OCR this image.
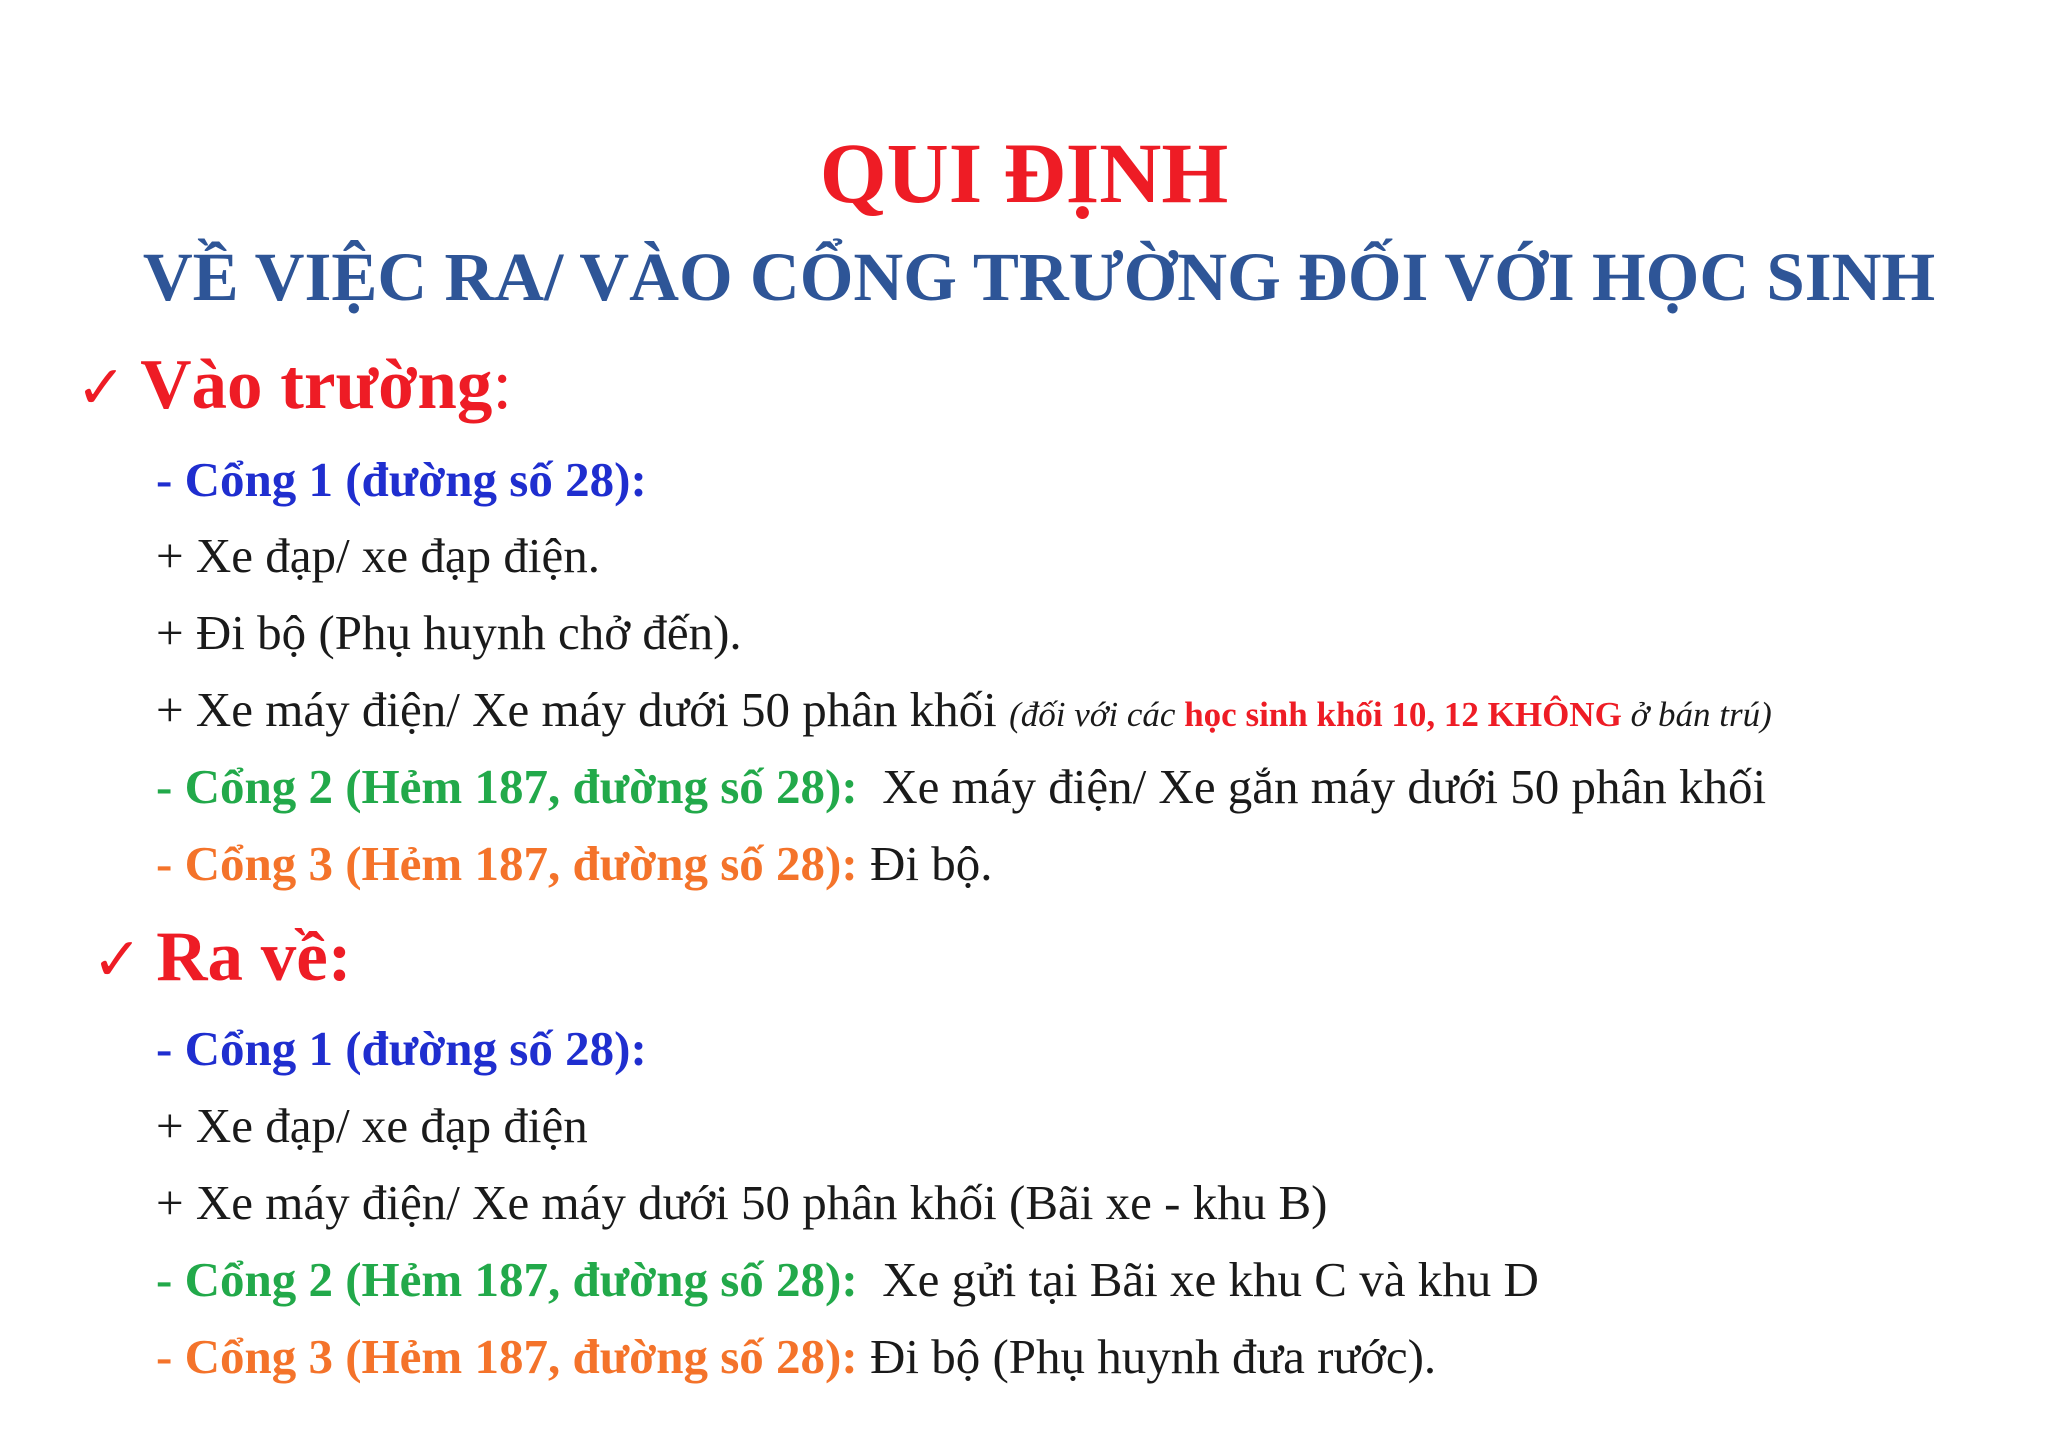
QUI ĐỊNH
VỀ VIỆC RA/ VÀO CỔNG TRƯỜNG ĐỐI VỚI HỌC SINH
✓ Vào trường:
- Cổng 1 (đường số 28):
+ Xe đạp/ xe đạp điện.
+ Đi bộ (Phụ huynh chở đến).
+ Xe máy điện/ Xe máy dưới 50 phân khối (đối với các học sinh khối 10, 12 KHÔNG ở bán trú)
- Cổng 2 (Hẻm 187, đường số 28): Xe máy điện/ Xe gắn máy dưới 50 phân khối
- Cổng 3 (Hẻm 187, đường số 28): Đi bộ.
✓ Ra về:
- Cổng 1 (đường số 28):
+ Xe đạp/ xe đạp điện
+ Xe máy điện/ Xe máy dưới 50 phân khối (Bãi xe - khu B)
- Cổng 2 (Hẻm 187, đường số 28): Xe gửi tại Bãi xe khu C và khu D
- Cổng 3 (Hẻm 187, đường số 28): Đi bộ (Phụ huynh đưa rước).
